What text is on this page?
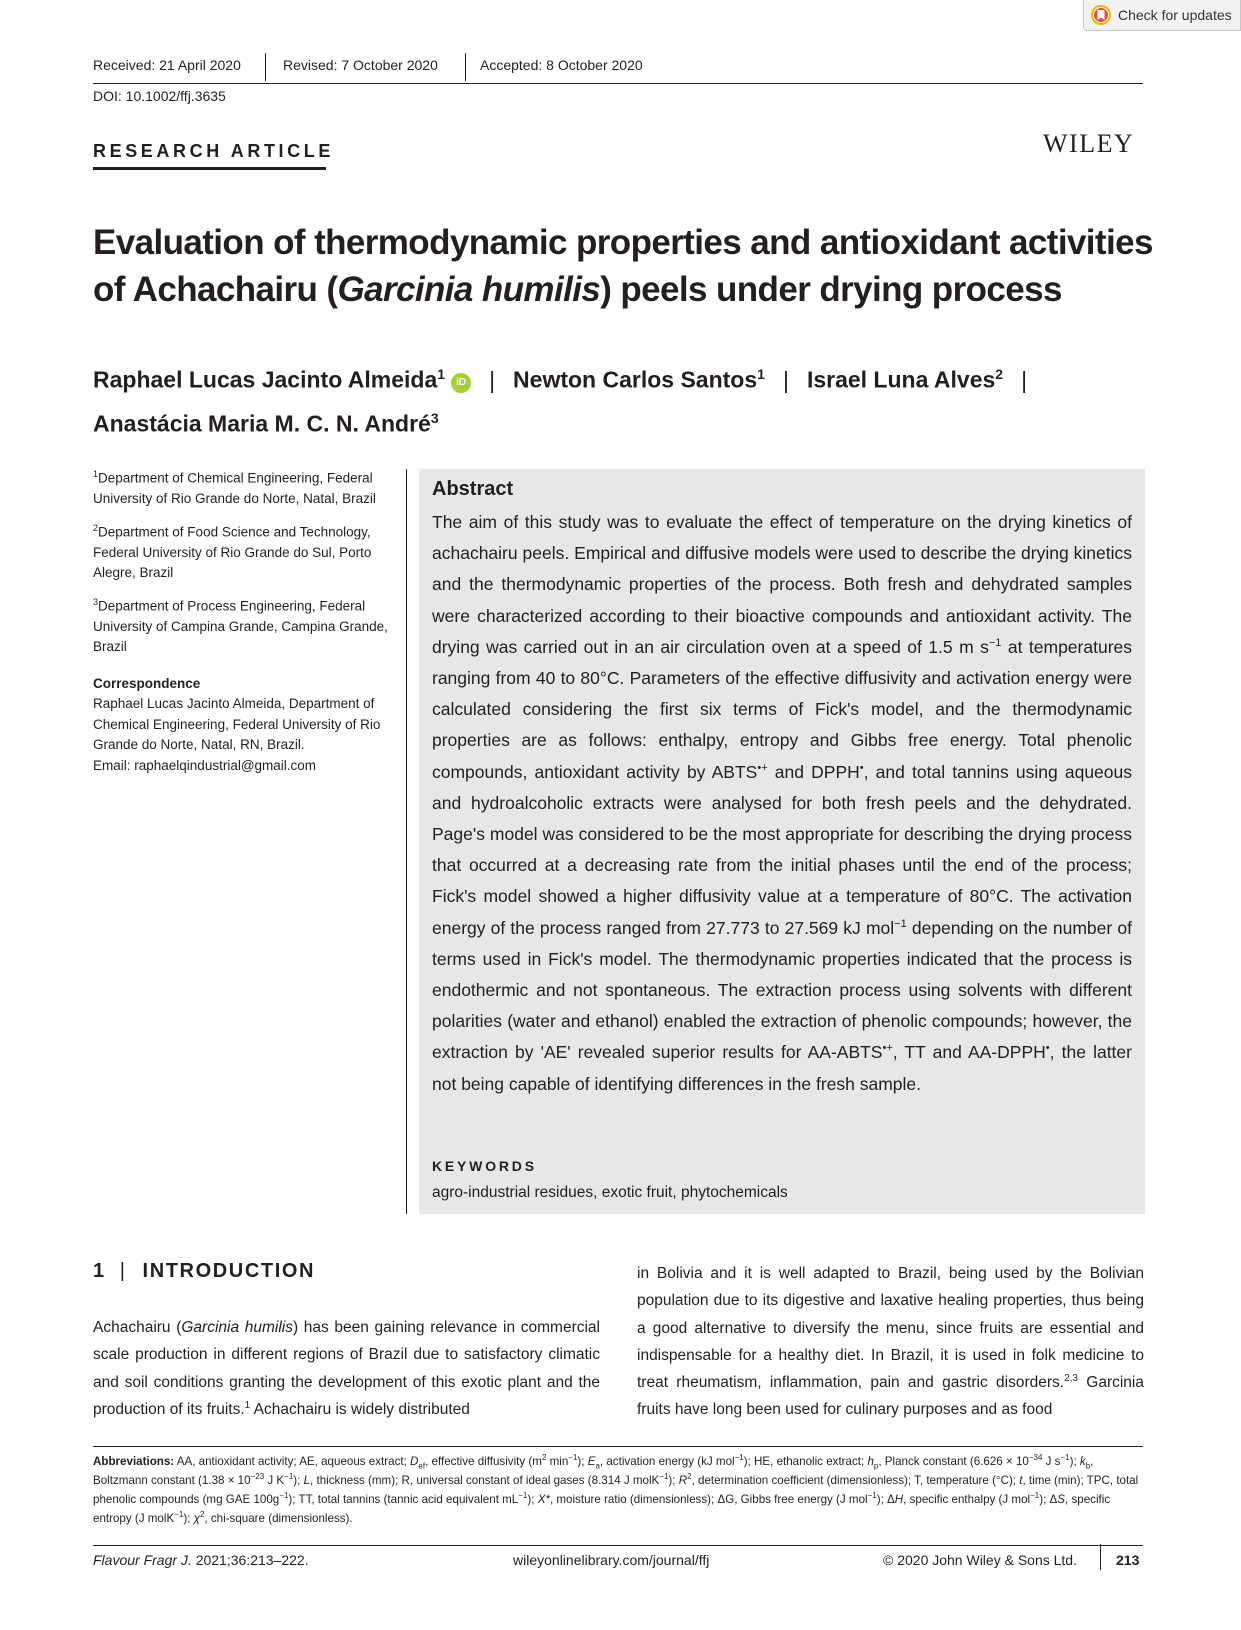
Check for updates
Received: 21 April 2020	Revised: 7 October 2020	Accepted: 8 October 2020
DOI: 10.1002/ffj.3635
RESEARCH ARTICLE	WILEY
Evaluation of thermodynamic properties and antioxidant activities
of Achachairu (Garcinia humilis) peels under drying process
Raphael Lucas Jacinto Almeida$^1$iD | Newton Carlos Santos$^1$ | Israel Luna Alves$^2$ |
Anastácia Maria M. C. N. André$^3$

$^1$Department of Chemical Engineering, Federal University of Rio Grande do Norte, Natal, Brazil

$^2$Department of Food Science and Technology, Federal University of Rio Grande do Sul, Porto Alegre, Brazil

$^3$Department of Process Engineering, Federal University of Campina Grande, Campina Grande, Brazil

Correspondence

Raphael Lucas Jacinto Almeida, Department of Chemical Engineering, Federal University of Rio Grande do Norte, Natal, RN, Brazil.
Email: raphaelqindustrial@gmail.com

Abstract
The aim of this study was to evaluate the effect of temperature on the drying kinetics of achachairu peels. Empirical and diffusive models were used to describe the drying kinetics and the thermodynamic properties of the process. Both fresh and dehydrated samples were characterized according to their bioactive compounds and antioxidant activity. The drying was carried out in an air circulation oven at a speed of 1.5 m $s^{-1}$ at temperatures ranging from 40 to 80°C. Parameters of the effective diffusivity and activation energy were calculated considering the first six terms of Fick's model, and the thermodynamic properties are as follows: enthalpy, entropy and Gibbs free energy. Total phenolic compounds, antioxidant activity by ABTS•+ and DPPH•, and total tannins using aqueous and hydroalcoholic extracts were analysed for both fresh peels and the dehydrated. Page's model was considered to be the most appropriate for describing the drying process that occurred at a decreasing rate from the initial phases until the end of the process; Fick's model showed a higher diffusivity value at a temperature of 80°C. The activation energy of the process ranged from 27.773 to 27.569 kJ mol$^{-1}$ depending on the number of terms used in Fick's model. The thermodynamic properties indicated that the process is endothermic and not spontaneous. The extraction process using solvents with different polarities (water and ethanol) enabled the extraction of phenolic compounds; however, the extraction by 'AE' revealed superior results for AA-ABTS•+, TT and AA-DPPH•, the latter not being capable of identifying differences in the fresh sample.
KEYWORDS
agro-industrial residues, exotic fruit, phytochemicals
1 | INTRODUCTION
Achachairu (Garcinia humilis) has been gaining relevance in commercial scale production in different regions of Brazil due to satisfactory climatic and soil conditions granting the development of this exotic plant and the production of its fruits.$^1$ Achachairu is widely distributed
in Bolivia and it is well adapted to Brazil, being used by the Bolivian population due to its digestive and laxative healing properties, thus being a good alternative to diversify the menu, since fruits are essential and indispensable for a healthy diet. In Brazil, it is used in folk medicine to treat rheumatism, inflammation, pain and gastric disorders.$^{2,3}$ Garcinia fruits have long been used for culinary purposes and as food
Abbreviations: AA, antioxidant activity; AE, aqueous extract; $D_{ef}$, effective diffusivity ($m^2$ $\min^{-1}$); $E_a$, activation energy (kJ mol$^{-1}$); HE, ethanolic extract; $h_p$, Planck constant ($6.626 \times 10^{-34}$ J $s^{-1}$); $k_b$, Boltzmann constant ($1.38 \times 10^{-23}$ J $K^{-1}$); L, thickness (mm); R, universal constant of ideal gases (8.314 J molK$^{-1}$); $R^2$, determination coefficient (dimensionless); T, temperature (°C); t, time (min); TPC, total phenolic compounds (mg GAE $100g^{-1}$); TT, total tannins (tannic acid equivalent $mL^{-1}$); X*, moisture ratio (dimensionless); ΔG, Gibbs free energy (J mol$^{-1}$); ΔH, specific enthalpy (J mol$^{-1}$); ΔS, specific entropy (J molK$^{-1}$); $\chi^2$, chi-square (dimensionless).
Flavour Fragr J. 2021;36:213–222.	wileyonlinelibrary.com/journal/ffj	© 2020 John Wiley & Sons Ltd.	213
